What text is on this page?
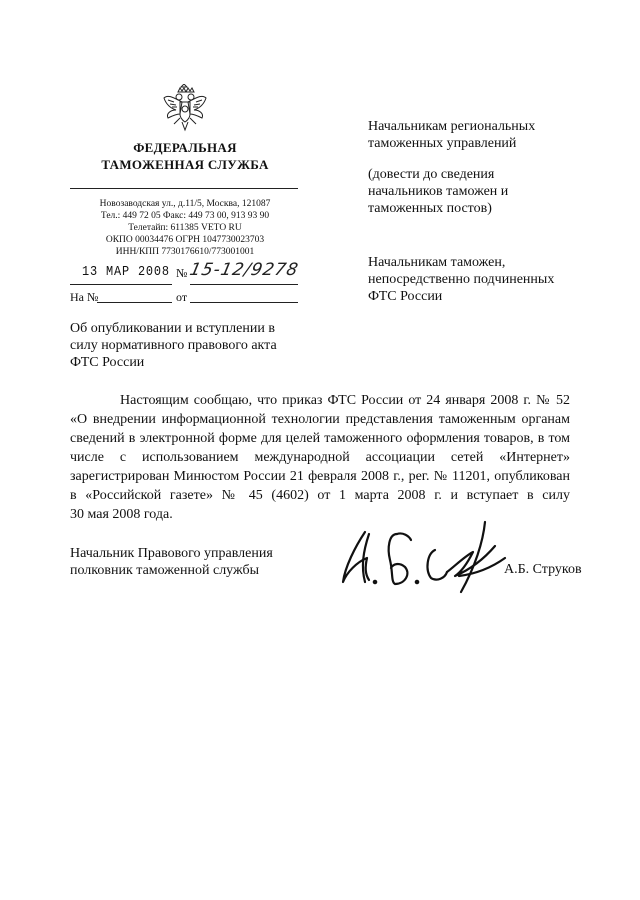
ФЕДЕРАЛЬНАЯ
ТАМОЖЕННАЯ СЛУЖБА
Новозаводская ул., д.11/5, Москва, 121087
Тел.: 449 72 05 Факс: 449 73 00, 913 93 90
Телетайп: 611385 VETO RU
ОКПО 00034476 ОГРН 1047730023703
ИНН/КПП 7730176610/773001001
13 МАР 2008 № 15-12/9278
На №	от
Об опубликовании и вступлении в
силу нормативного правового акта
ФТС России
Начальникам региональных
таможенных управлений
(довести до сведения
начальников таможен и
таможенных постов)
Начальникам таможен,
непосредственно подчиненных
ФТС России
Настоящим сообщаю, что приказ ФТС России от 24 января 2008 г. № 52
«О внедрении информационной технологии представления таможенным органам
сведений в электронной форме для целей таможенного оформления товаров, в том
числе с использованием международной ассоциации сетей «Интернет»
зарегистрирован Минюстом России 21 февраля 2008 г., рег. № 11201, опубликован
в «Российской газете» № 45 (4602) от 1 марта 2008 г. и вступает в силу
30 мая 2008 года.
Начальник Правового управления
полковник таможенной службы	А.Б. Струков
